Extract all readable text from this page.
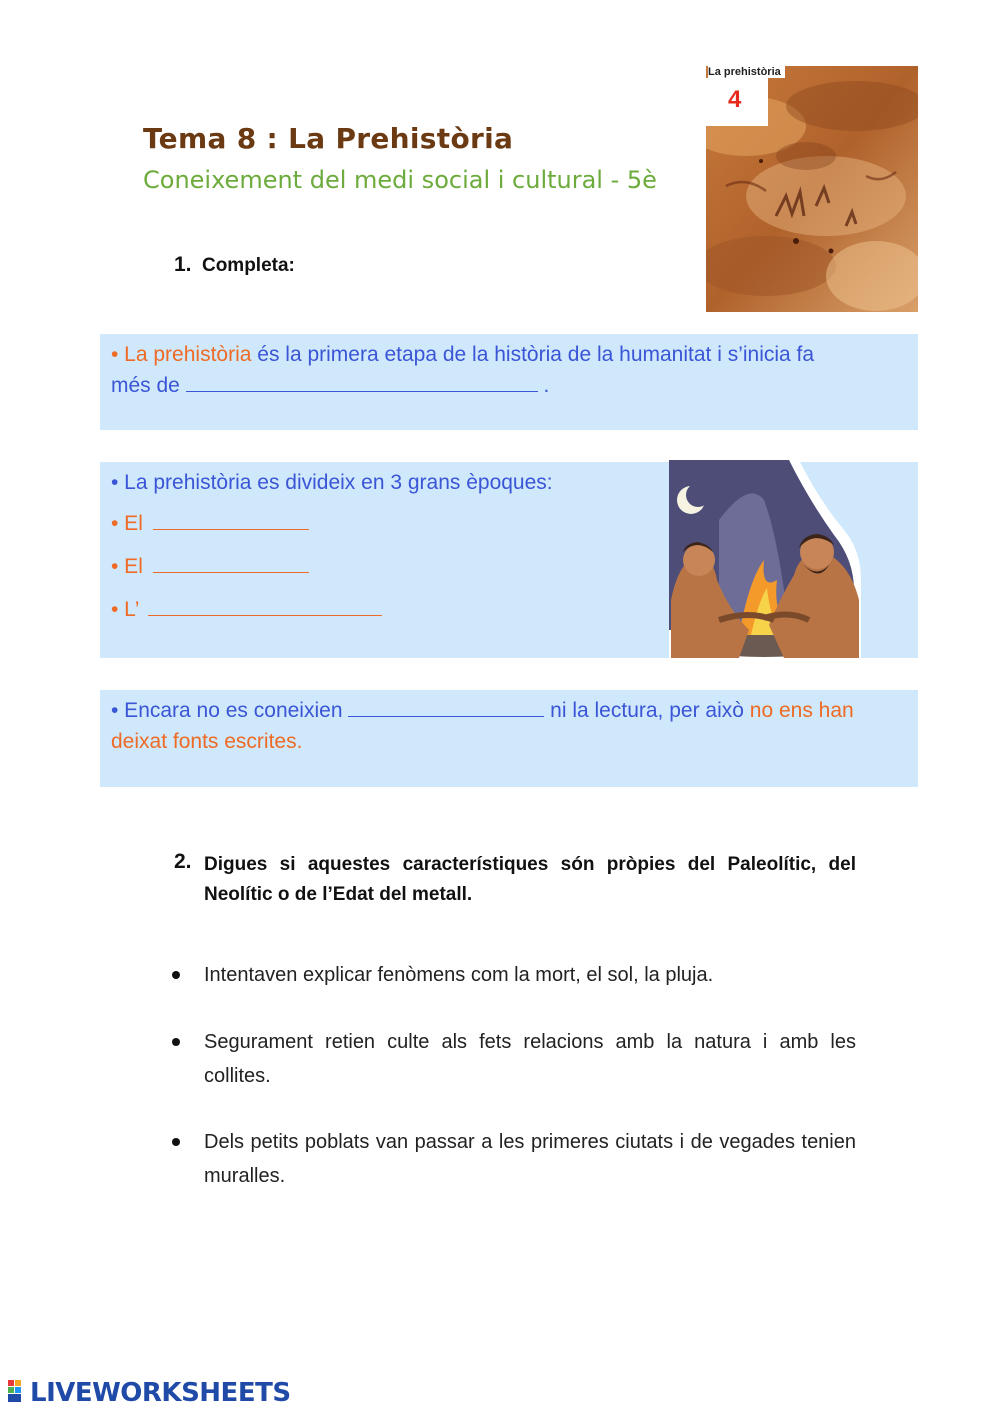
Tema 8 : La Prehistòria
Coneixement del medi social i cultural - 5è
La prehistòria
4
1. Completa:
• La prehistòria és la primera etapa de la història de la humanitat i s’inicia fa
més de	.
• La prehistòria es divideix en 3 grans èpoques:
• El
• El
• L’
• Encara no es coneixien	ni la lectura, per això no ens han
deixat fonts escrites.
2. Digues si aquestes característiques són pròpies del Paleolític, del Neolític o de l’Edat del metall.
Intentaven explicar fenòmens com la mort, el sol, la pluja.
Segurament retien culte als fets relacions amb la natura i amb les collites.
Dels petits poblats van passar a les primeres ciutats i de vegades tenien muralles.
LIVEWORKSHEETS
